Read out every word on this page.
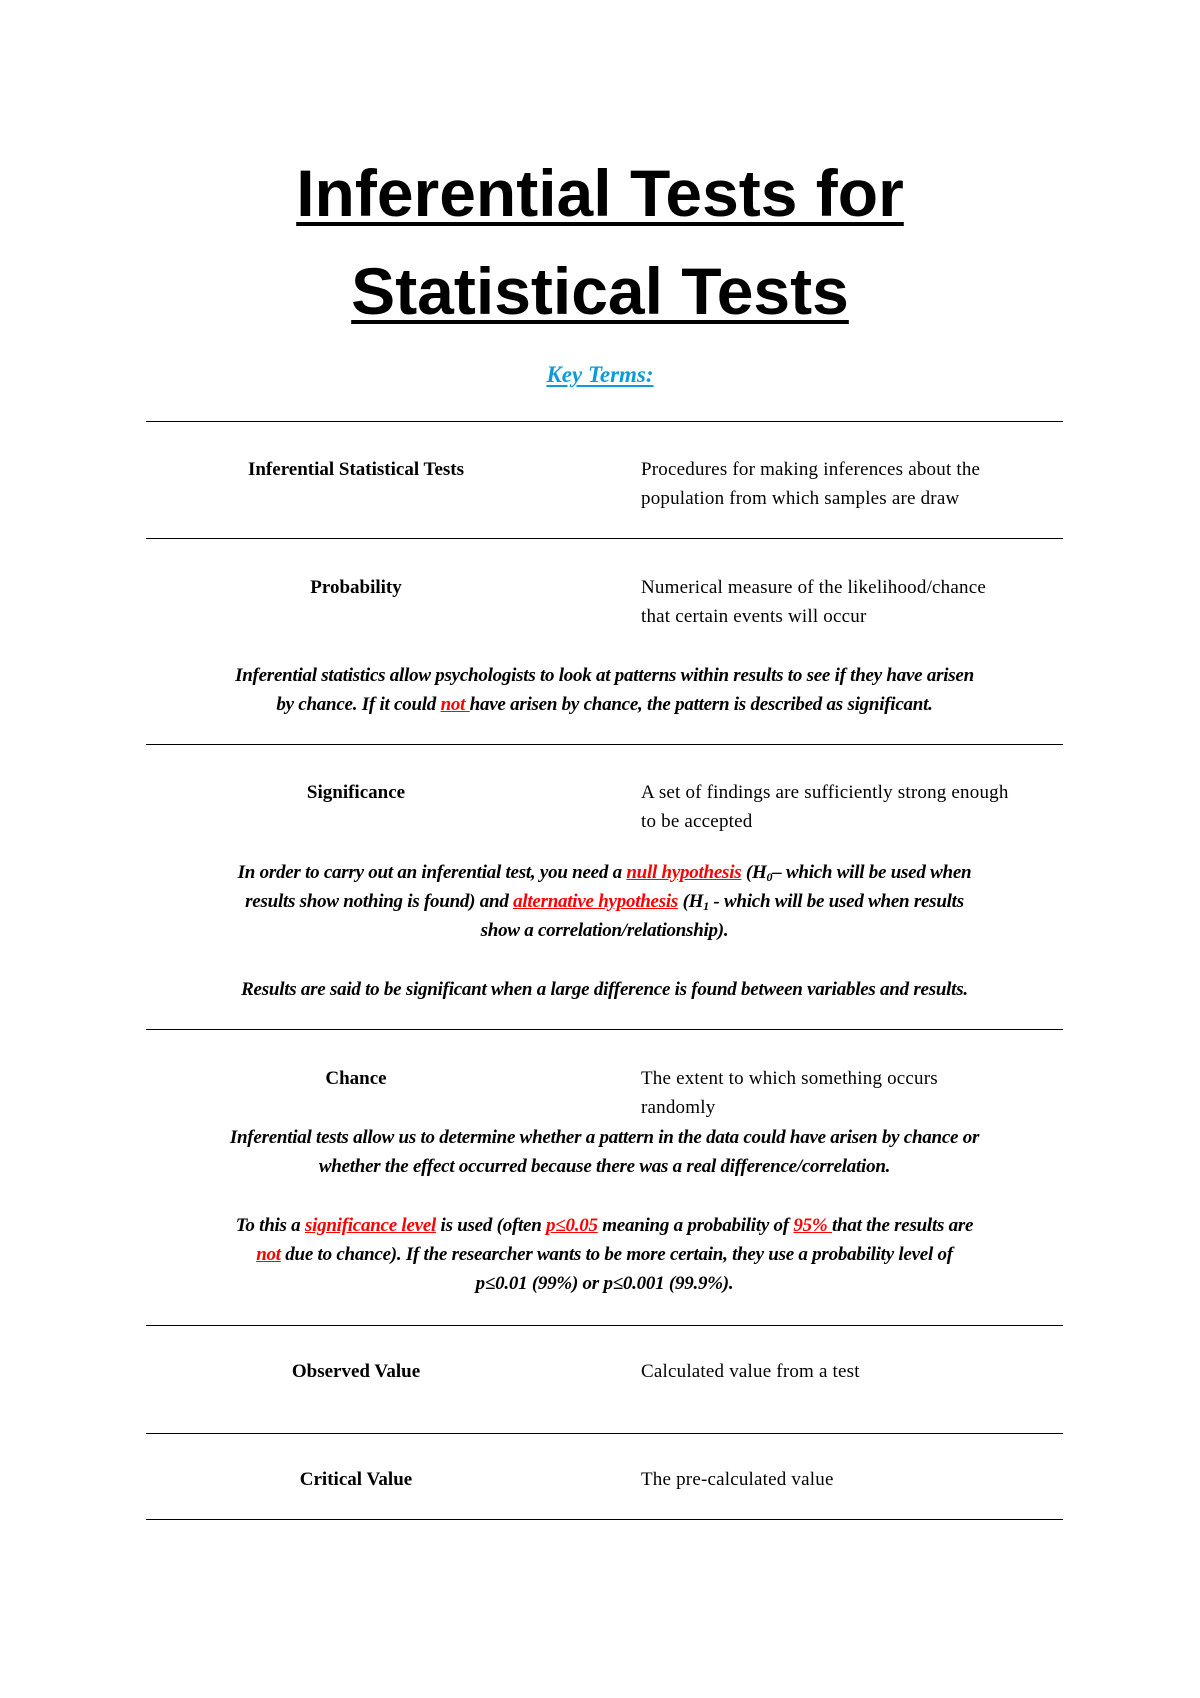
Inferential Tests for
Statistical Tests
Key Terms:
Inferential Statistical Tests	Procedures for making inferences about the
population from which samples are draw
Probability	Numerical measure of the likelihood/chance
that certain events will occur
Inferential statistics allow psychologists to look at patterns within results to see if they have arisen
by chance. If it could not have arisen by chance, the pattern is described as significant.
Significance	A set of findings are sufficiently strong enough
to be accepted
In order to carry out an inferential test, you need a null hypothesis ($H_0-$ which will be used when
results show nothing is found) and alternative hypothesis ($H_1$ - which will be used when results
show a correlation/relationship).
Results are said to be significant when a large difference is found between variables and results.
Chance	The extent to which something occurs
randomly
Inferential tests allow us to determine whether a pattern in the data could have arisen by chance or
whether the effect occurred because there was a real difference/correlation.
To this a significance level is used (often p≤0.05 meaning a probability of 95% that the results are
not due to chance). If the researcher wants to be more certain, they use a probability level of
p≤0.01 (99%) or p≤0.001 (99.9%).
Observed Value	Calculated value from a test
Critical Value	The pre-calculated value
